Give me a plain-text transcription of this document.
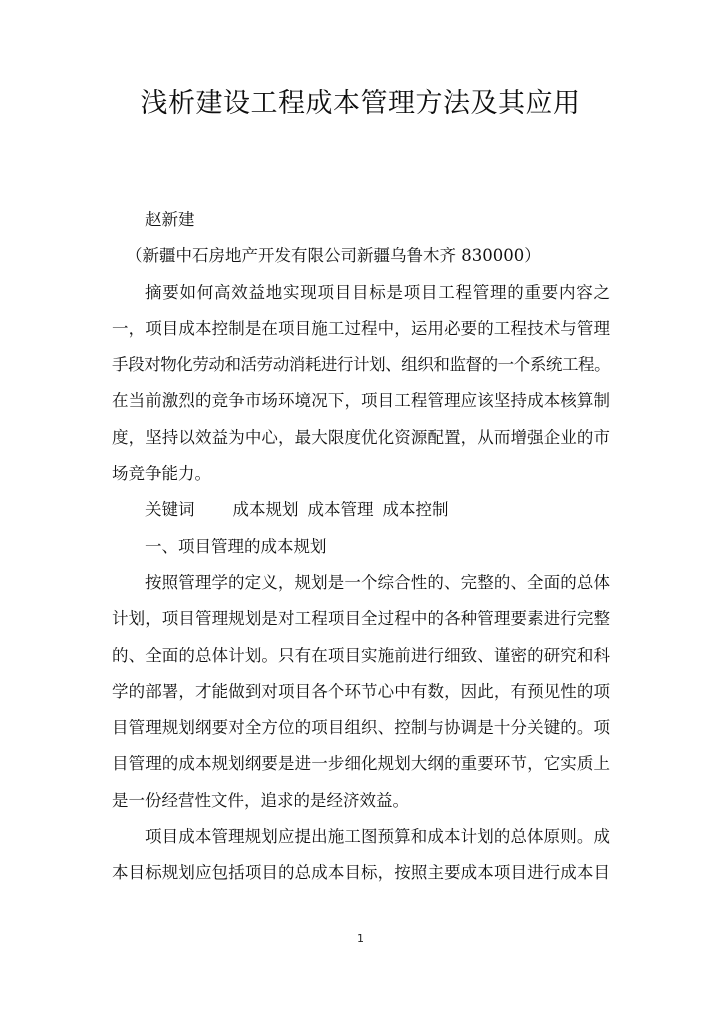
浅析建设工程成本管理方法及其应用
赵新建
（新疆中石房地产开发有限公司新疆乌鲁木齐 830000）
摘要如何高效益地实现项目目标是项目工程管理的重要内容之
一，项目成本控制是在项目施工过程中，运用必要的工程技术与管理
手段对物化劳动和活劳动消耗进行计划、组织和监督的一个系统工程。
在当前激烈的竞争市场环境况下，项目工程管理应该坚持成本核算制
度，坚持以效益为中心，最大限度优化资源配置，从而增强企业的市
场竞争能力。
关键词 成本规划 成本管理 成本控制
一、项目管理的成本规划
按照管理学的定义，规划是一个综合性的、完整的、全面的总体
计划，项目管理规划是对工程项目全过程中的各种管理要素进行完整
的、全面的总体计划。只有在项目实施前进行细致、谨密的研究和科
学的部署，才能做到对项目各个环节心中有数，因此，有预见性的项
目管理规划纲要对全方位的项目组织、控制与协调是十分关键的。项
目管理的成本规划纲要是进一步细化规划大纲的重要环节，它实质上
是一份经营性文件，追求的是经济效益。
项目成本管理规划应提出施工图预算和成本计划的总体原则。成
本目标规划应包括项目的总成本目标，按照主要成本项目进行成本目
1
